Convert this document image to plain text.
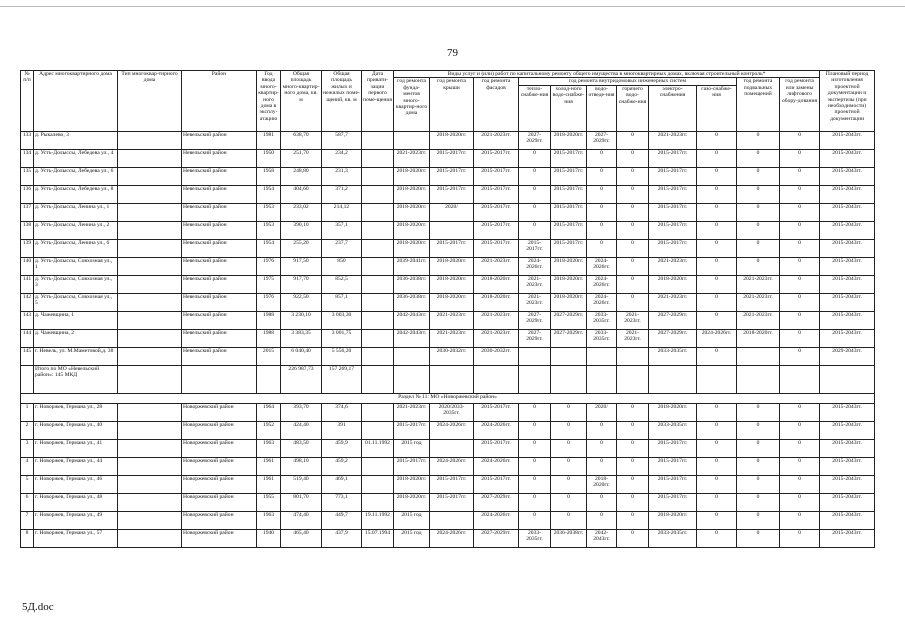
79
№ п/п	Адрес многоквартирного дома	Тип многоквар-тирного дома	Район	Год ввода много-квартир-ного дома в эксплу-атацию	Общая площадь много-квартир-ного дома, кв. м	Общая площадь жилых и нежилых поме-щений, кв. м	Дата привати-зации первого поме-щения	Виды услуг и (или) работ по капитальному ремонту общего имущества в многоквартирных домах, включая строительный контроль*											Плановый период изготовления проектной документации и экспертизы (при необходимости) проектной документации
								год ремонта фунда-ментов много-квартир-ного дома	год ремонта крыши	год ремонта фасадов	год ремонта внутридомовых инженерных систем						год ремонта подвальных помещений	год ремонта или замены лифтового обору-дования	
											тепло-снабже-ния	холод-ного водо-снабже-ния	водо-отведе-ния	горячего водо-снабже-ния	электро-снабжения	газо-снабже-ния			
133	д. Рыкалево, 3		Невельский район	1981	638,70	587,7			2018-2020гг.	2021-2023гг.	2027-2029гг.	2018-2020гг.	2027-2029гг.	0	2021-2023гг.	0	0	0	2015-2043гг.
134	д. Усть-Долыссы, Лебедева ул., 4		Невельский район	1950	251,70	234,2		2021-2023гг.	2015-2017гг.	2015-2017гг.	0	2015-2017гг.	0	0	2015-2017гг.	0	0	0	2015-2043гг.
135	д. Усть-Долыссы, Лебедева ул., 6		Невельский район	1958	248,80	231,3		2018-2020гг.	2015-2017гг.	2015-2017гг.	0	2015-2017гг.	0	0	2015-2017гг.	0	0	0	2015-2043гг.
136	д. Усть-Долыссы, Лебедева ул., 8		Невельский район	1954	404,60	371,2		2018-2020гг.	2015-2017гг.	2015-2017гг.	0	2015-2017гг.	0	0	2015-2017гг.	0	0	0	2015-2043гг.
137	д. Усть-Долыссы, Ленина ул., 1		Невельский район	1953	233,02	214,12		2018-2020гг.	2020/	2015-2017гг.	0	2015-2017гг.	0	0	2015-2017гг.	0	0	0	2015-2043гг.
138	д. Усть-Долыссы, Ленина ул., 2		Невельский район	1953	390,10	357,1		2018-2020гг.		2015-2017гг.	0	2015-2017гг.	0	0	2015-2017гг.	0	0	0	2015-2043гг.
139	д. Усть-Долыссы, Ленина ул., 6		Невельский район	1954	255,20	237,7		2018-2020гг.	2015-2017гг.	2015-2017гг.	2015-2017гг.	2015-2017гг.	0	0	2015-2017гг.	0	0	0	2015-2043гг.
140	д. Усть-Долыссы, Совхозная ул., 1		Невельский район	1976	917,50	850		2039-2041гг.	2018-2020гг.	2021-2023гг.	2024-2026гг.	2018-2020гг.	2024-2026гг.	0	2021-2023гг.	0	0	0	2015-2043гг.
141	д. Усть-Долыссы, Совхозная ул., 3		Невельский район	1975	917,70	852,5		2036-2038гг.	2018-2020гг.	2018-2020гг.	2021-2023гг.	2018-2020гг.	2024-2026гг.	0	2018-2020гг.	0	2021-2023гг.	0	2015-2043гг.
142	д. Усть-Долыссы, Совхозная ул., 5		Невельский район	1976	922,50	857,1		2036-2038гг.	2018-2020гг.	2018-2020гг.	2021-2023гг.	2018-2020гг.	2024-2026гг.	0	2021-2023гг.	0	2021-2023гг.	0	2015-2043гг.
143	д. Чажевщина, 1		Невельский район	1988	3 230,10	3 003,30		2042-2043гг.	2021-2023гг.	2021-2023гг.	2027-2029гг.	2027-2029гг.	2033-2035гг.	2021-2023гг.	2027-2029гг.	0	2021-2023гг.	0	2015-2043гг.
144	д. Чажевщина, 2		Невельский район	1988	3 383,35	3 001,75		2042-2043гг.	2021-2023гг.	2021-2023гг.	2027-2029гг.	2027-2029гг.	2033-2035гг.	2021-2023гг.	2027-2029гг.	2024-2026гг.	2018-2020гг.	0	2015-2043гг.
145	г. Невель, ул. М.Маметовой,д. 38		Невельский район	2015	6 040,40	5 556,20			2030-2032гг.	2030-2032гг.					2033-2035гг.	0		0	2029-2043гг.
	Итого по МО «Невельский район»: 145 МКД				226 987,73	157 269,17													
Раздел № 11: МО «Новоржевский район»																			
1	г. Новоржев, Германа ул., 28		Новоржевский район	1964	393,70	374,6		2021-2023гг.	2020/2033-2035гг.	2015-2017гг.	0	0	2020/	0	2018-2020гг.	0	0	0	2015-2043гг.
2	г. Новоржев, Германа ул., 40		Новоржевский район	1952	424,40	391		2015-2017гг.	2024-2026гг.	2024-2026гг.	0	0	0	0	2033-2035гг.	0	0	0	2015-2043гг.
3	г. Новоржев, Германа ул., 41		Новоржевский район	1963	483,50	459,9	01.11.1992	2015 год		2015-2017гг.	0	0	0	0	2015-2017гг.	0	0	0	2015-2043гг.
4	г. Новоржев, Германа ул., 44		Новоржевский район	1961	498,10	459,2		2015-2017гг.	2024-2026гг.	2024-2026гг.	0	0	0	0	2015-2017гг.	0	0	0	2015-2043гг.
5	г. Новоржев, Германа ул., 46		Новоржевский район	1961	519,40	469,1		2018-2020гг.	2015-2017гг.	2015-2017гг.	0	0	2018-2020гг.	0	2015-2017гг.	0	0	0	2015-2043гг.
6	г. Новоржев, Германа ул., 48		Новоржевский район	1955	801,70	773,1		2018-2020гг.	2015-2017гг.	2027-2029гг.	0	0	0	0	2015-2017гг.	0	0	0	2015-2043гг.
7	г. Новоржев, Германа ул., 49		Новоржевский район	1963	474,40	449,7	19.11.1992	2015 год		2024-2026гг.	0	0	0	0	2018-2020гг.	0	0	0	2015-2043гг.
8	г. Новоржев, Германа ул., 57		Новоржевский район	1940	465,40	437,9	15.07.1994	2015 год	2024-2026гг.	2027-2029гг.	2033-2035гг.	2036-2038гг.	2042-2043гг.	0	2033-2035гг.	0	0	0	2015-2043гг.
5Д.doc
